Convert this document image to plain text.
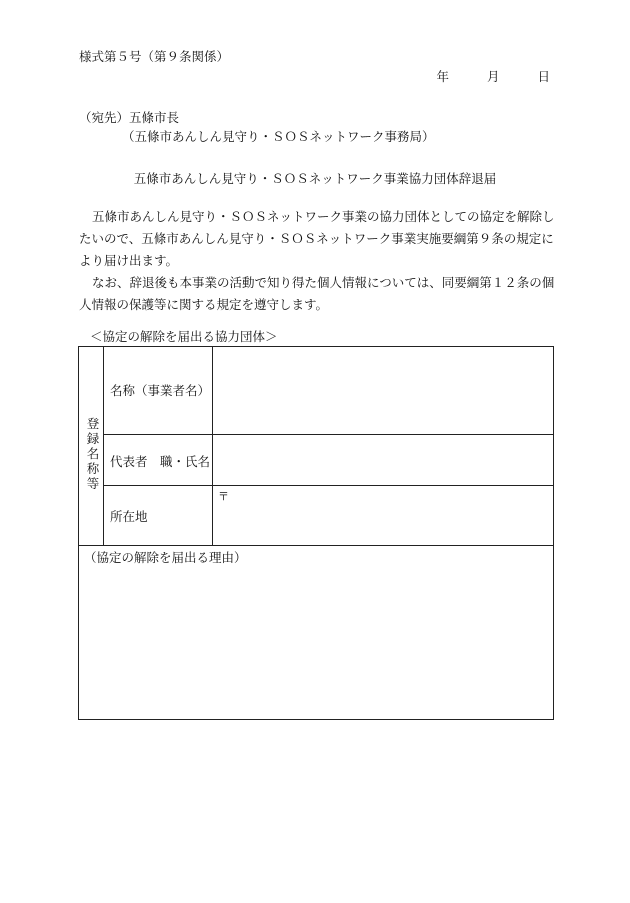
様式第５号（第９条関係）
年	月	日
（宛先）五條市長
（五條市あんしん見守り・ＳＯＳネットワーク事務局）
五條市あんしん見守り・ＳＯＳネットワーク事業協力団体辞退届

五條市あんしん見守り・ＳＯＳネットワーク事業の協力団体としての協定を解除したいので、五條市あんしん見守り・ＳＯＳネットワーク事業実施要綱第９条の規定により届け出ます。

なお、辞退後も本事業の活動で知り得た個人情報については、同要綱第１２条の個人情報の保護等に関する規定を遵守します。

＜協定の解除を届出る協力団体＞
登録名称等
名称（事業者名）
代表者　職・氏名
所在地
〒
（協定の解除を届出る理由）
